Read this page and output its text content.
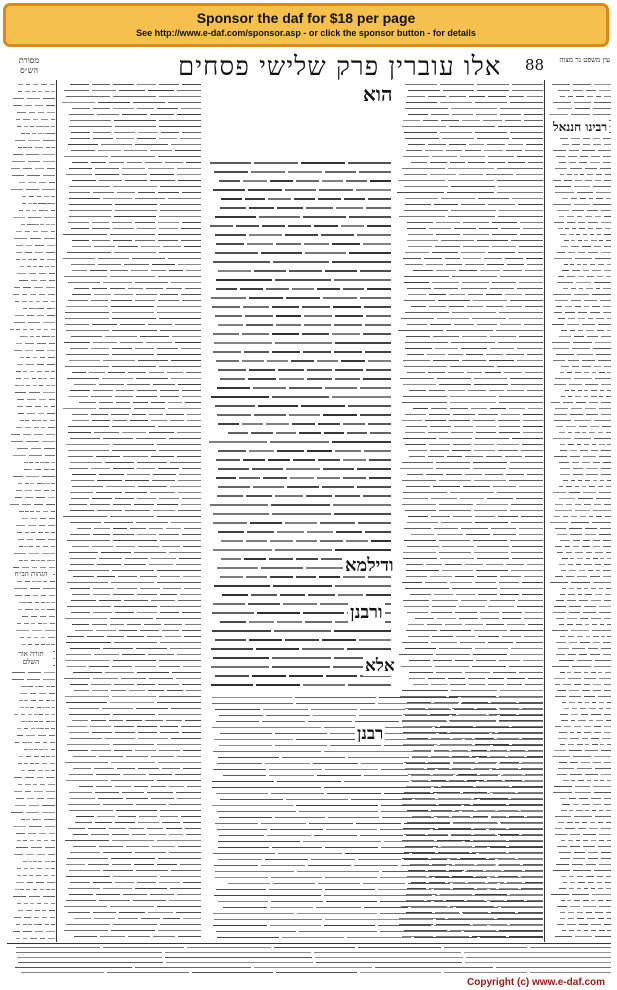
Sponsor the daf for $18 per page
See http://www.e-daf.com/sponsor.asp - or click the sponsor button - for details
אלו עוברין פרק שלישי פסחים 88 עין משפט נר מצוה
מסורת הש״ס
הוא
ודילמא
ורבנן
אלא
רבנן
רבינו חננאל
תורה אור השלם
הגהות הב״ח
Copyright (c) www.e-daf.com
